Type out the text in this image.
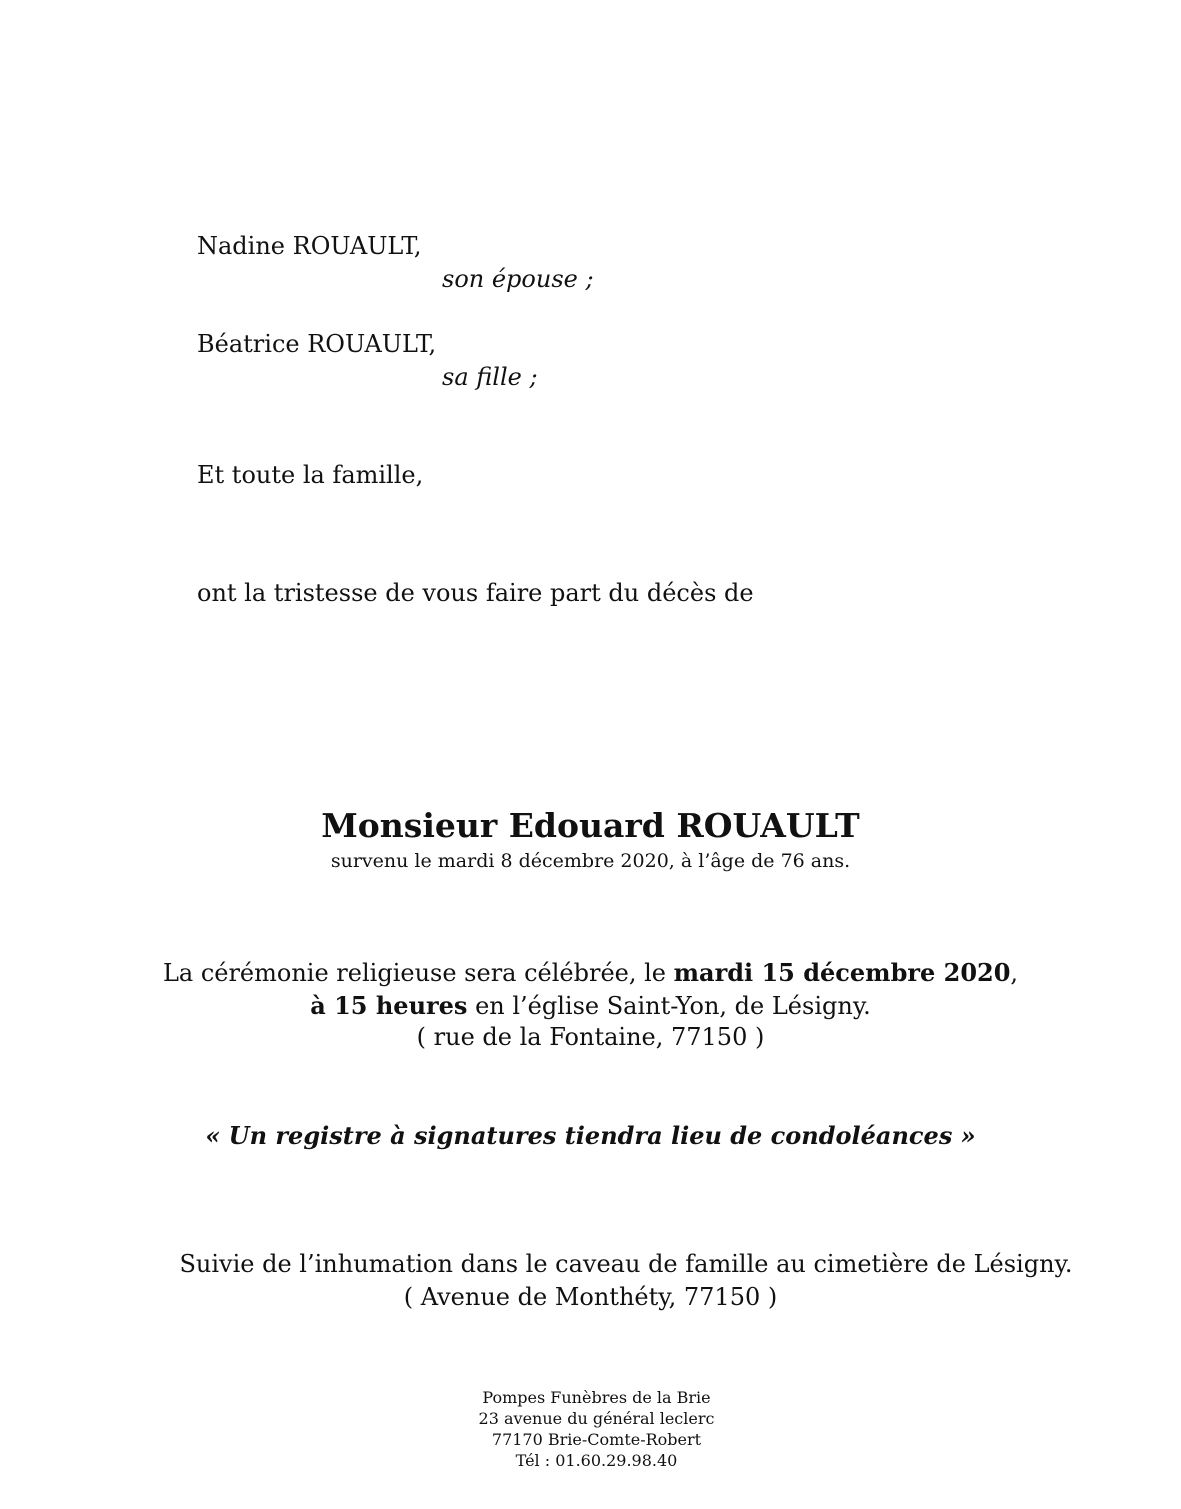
Nadine ROUAULT,
son épouse ;
Béatrice ROUAULT,
sa fille ;
Et toute la famille,
ont la tristesse de vous faire part du décès de
Monsieur Edouard ROUAULT
survenu le mardi 8 décembre 2020, à l’âge de 76 ans.
La cérémonie religieuse sera célébrée, le mardi 15 décembre 2020,
à 15 heures en l’église Saint-Yon, de Lésigny.
( rue de la Fontaine, 77150 )
« Un registre à signatures tiendra lieu de condoléances »
Suivie de l’inhumation dans le caveau de famille au cimetière de Lésigny.
( Avenue de Monthéty, 77150 )
Pompes Funèbres de la Brie
23 avenue du général leclerc
77170 Brie-Comte-Robert
Tél : 01.60.29.98.40
